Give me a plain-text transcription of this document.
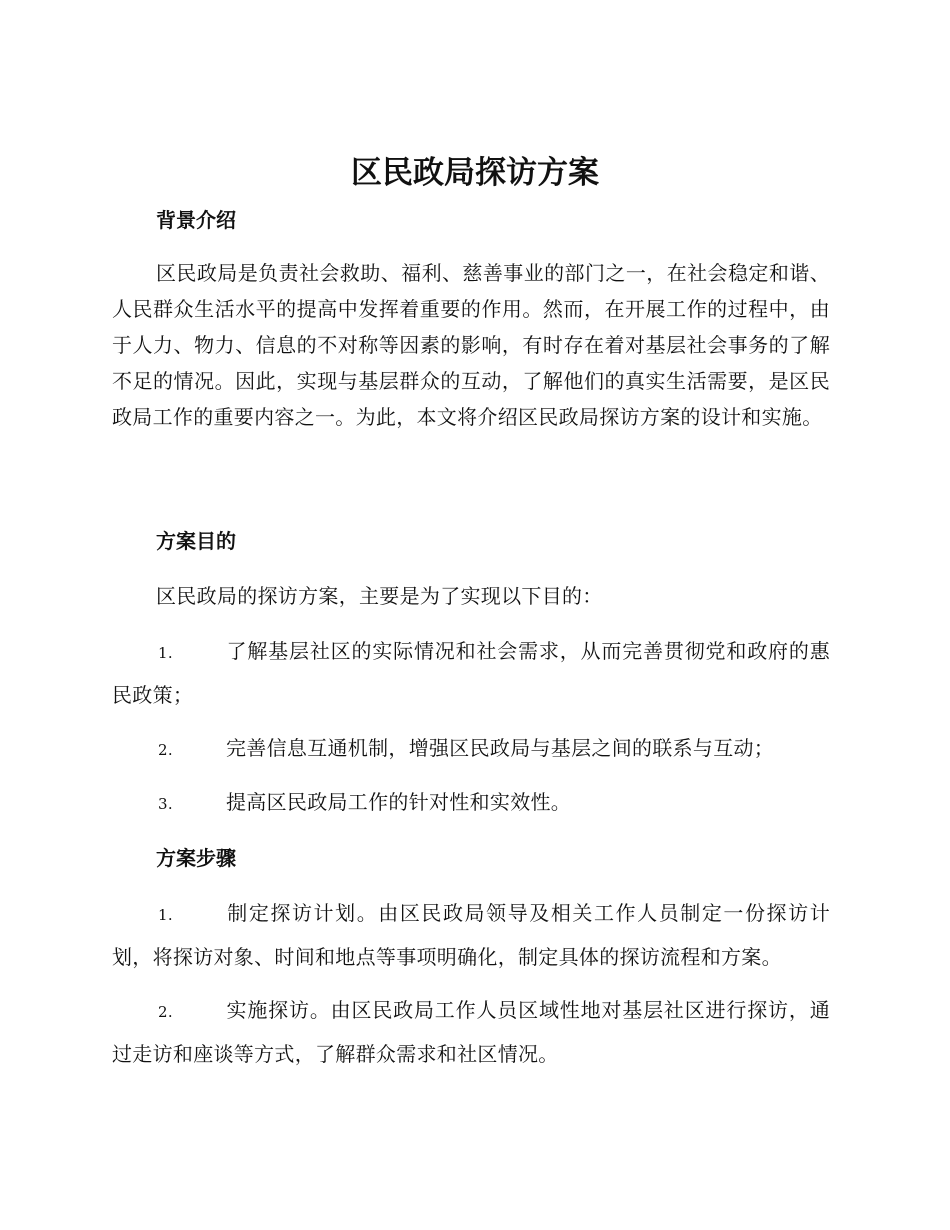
区民政局探访方案
背景介绍

区民政局是负责社会救助、福利、慈善事业的部门之一，在社会稳定和谐、人民群众生活水平的提高中发挥着重要的作用。然而，在开展工作的过程中，由于人力、物力、信息的不对称等因素的影响，有时存在着对基层社会事务的了解不足的情况。因此，实现与基层群众的互动，了解他们的真实生活需要，是区民政局工作的重要内容之一。为此，本文将介绍区民政局探访方案的设计和实施。

方案目的

区民政局的探访方案，主要是为了实现以下目的：

1.	了解基层社区的实际情况和社会需求，从而完善贯彻党和政府的惠民政策；

2.	完善信息互通机制，增强区民政局与基层之间的联系与互动；

3.	提高区民政局工作的针对性和实效性。

方案步骤

1.	制定探访计划。由区民政局领导及相关工作人员制定一份探访计划，将探访对象、时间和地点等事项明确化，制定具体的探访流程和方案。

2.	实施探访。由区民政局工作人员区域性地对基层社区进行探访，通过走访和座谈等方式，了解群众需求和社区情况。
